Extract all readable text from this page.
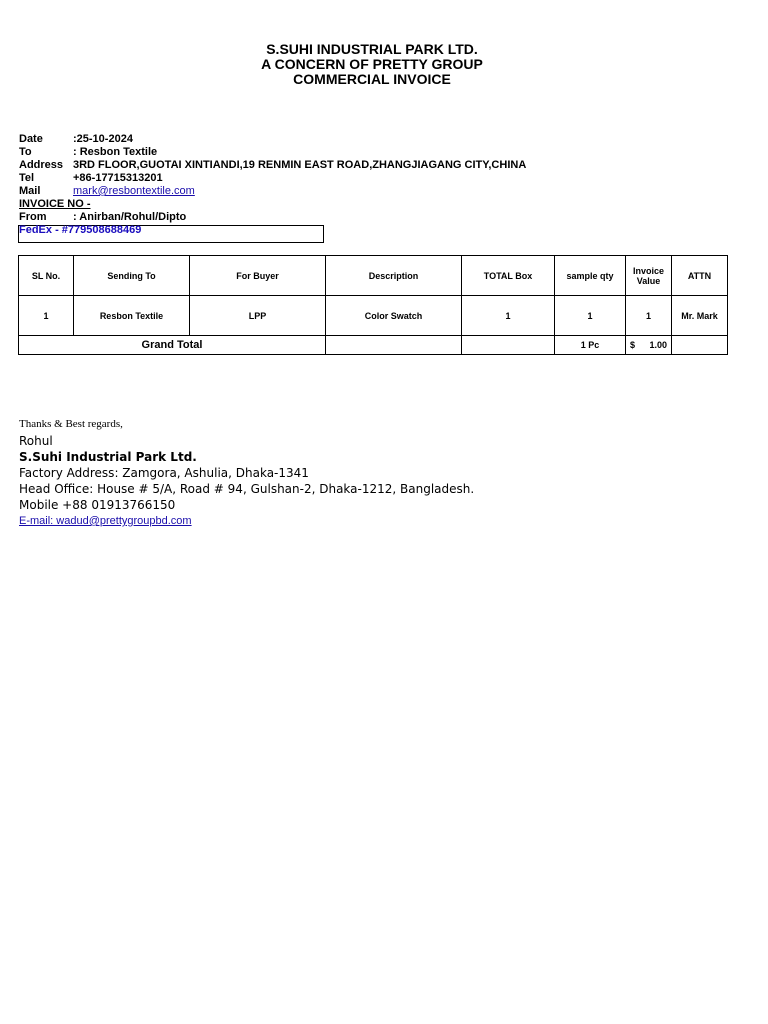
S.SUHI INDUSTRIAL PARK LTD.
A CONCERN OF PRETTY GROUP
COMMERCIAL INVOICE
Date	:25-10-2024
To	: Resbon Textile
Address 3RD FLOOR,GUOTAI XINTIANDI,19 RENMIN EAST ROAD,ZHANGJIAGANG CITY,CHINA
Tel	+86-17715313201
Mail	mark@resbontextile.com
INVOICE NO -
From : Anirban/Rohul/Dipto
FedEx - #779508688469
SL No.	Sending To	For Buyer	Description	TOTAL Box	sample qty	Invoice Value	ATTN
1	Resbon Textile	LPP	Color Swatch	1	1	1	Mr. Mark
Grand Total					1 Pc	$ 1.00	

Thanks & Best regards,
Rohul
S.Suhi Industrial Park Ltd.
Factory Address: Zamgora, Ashulia, Dhaka-1341
Head Office: House # 5/A, Road # 94, Gulshan-2, Dhaka-1212, Bangladesh.
Mobile +88 01913766150
E-mail: wadud@prettygroupbd.com
